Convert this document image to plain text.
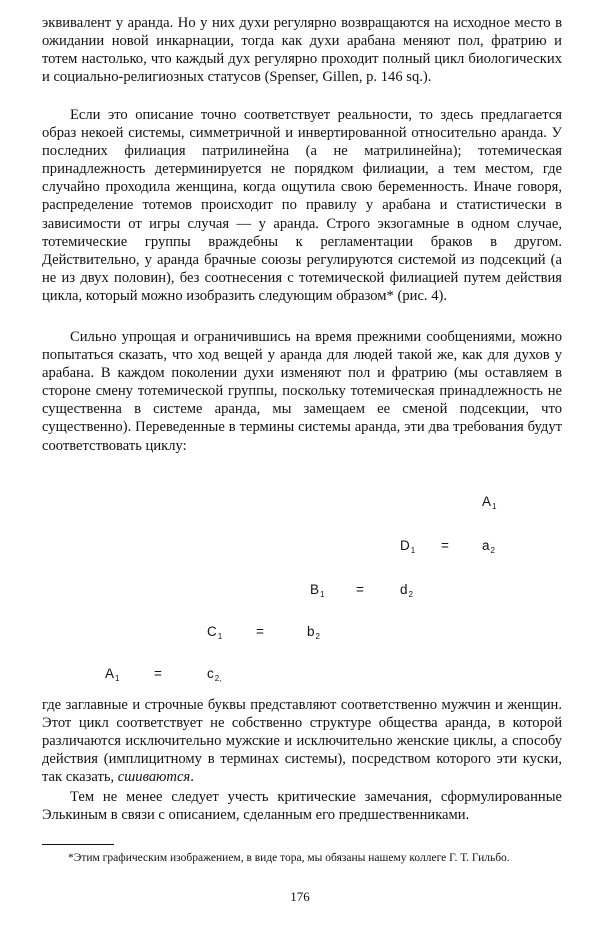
эквивалент у аранда. Но у них духи регулярно возвращаются на исходное место в ожидании новой инкарнации, тогда как духи арабана меняют пол, фратрию и тотем настолько, что каждый дух регулярно проходит полный цикл биологических и социально-религиозных статусов (Spenser, Gillen, p. 146 sq.).

Если это описание точно соответствует реальности, то здесь предлагается образ некоей системы, симметричной и инвертированной относительно аранда. У последних филиация патрилинейна (а не матрилинейна); тотемическая принадлежность детерминируется не порядком филиации, а тем местом, где случайно проходила женщина, когда ощутила свою беременность. Иначе говоря, распределение тотемов происходит по правилу у арабана и статистически в зависимости от игры случая — у аранда. Строго экзогамные в одном случае, тотемические группы враждебны к регламентации браков в другом. Действительно, у аранда брачные союзы регулируются системой из подсекций (а не из двух половин), без соотнесения с тотемической филиацией путем действия цикла, который можно изобразить следующим образом* (рис. 4).

Сильно упрощая и ограничившись на время прежними сообщениями, можно попытаться сказать, что ход вещей у аранда для людей такой же, как для духов у арабана. В каждом поколении духи изменяют пол и фратрию (мы оставляем в стороне смену тотемической группы, поскольку тотемическая принадлежность не существенна в системе аранда, мы замещаем ее сменой подсекции, что существенно). Переведенные в термины системы аранда, эти два требования будут соответствовать циклу:

$A_1$
$D_1 = a_2$
$B_1$ =	$d_2$
$C_1$	=	$b_2$
$A_1$	=	$c_{2,}$

где заглавные и строчные буквы представляют соответственно мужчин и женщин. Этот цикл соответствует не собственно структуре общества аранда, в которой различаются исключительно мужские и исключительно женские циклы, а способу действия (имплицитному в терминах системы), посредством которого эти куски, так сказать, сшиваются.

Тем не менее следует учесть критические замечания, сформулированные Элькиным в связи с описанием, сделанным его предшественниками.

*Этим графическим изображением, в виде тора, мы обязаны нашему коллеге Г. Т. Гильбо.

176
